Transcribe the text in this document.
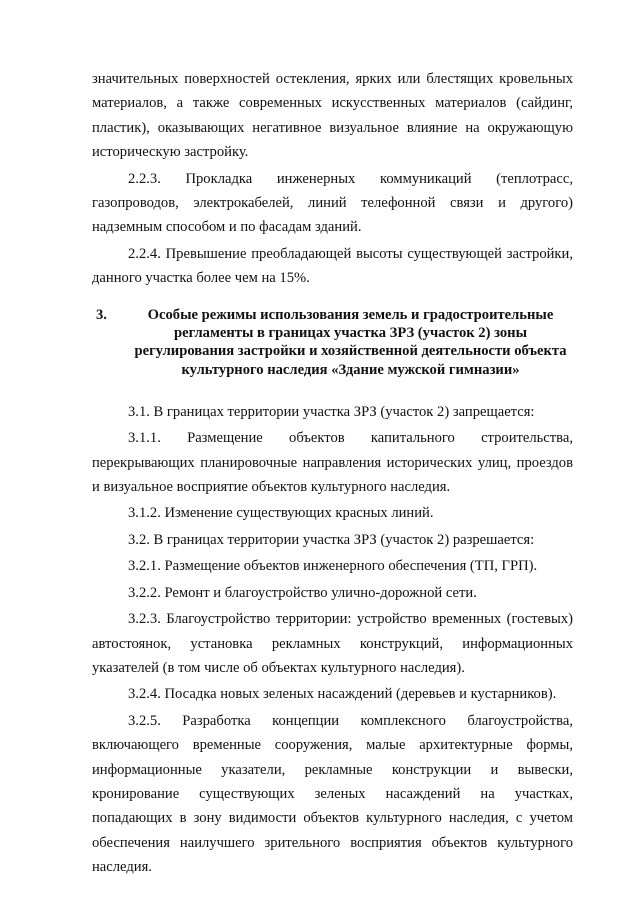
значительных поверхностей остекления, ярких или блестящих кровельных материалов, а также современных искусственных материалов (сайдинг, пластик), оказывающих негативное визуальное влияние на окружающую историческую застройку.

2.2.3. Прокладка инженерных коммуникаций (теплотрасс, газопроводов, электрокабелей, линий телефонной связи и другого) надземным способом и по фасадам зданий.

2.2.4. Превышение преобладающей высоты существующей застройки, данного участка более чем на 15%.

3.	Особые режимы использования земель и градостроительные регламенты в границах участка ЗРЗ (участок 2) зоны регулирования застройки и хозяйственной деятельности объекта культурного наследия «Здание мужской гимназии»

3.1. В границах территории участка ЗРЗ (участок 2) запрещается:

3.1.1. Размещение объектов капитального строительства, перекрывающих планировочные направления исторических улиц, проездов и визуальное восприятие объектов культурного наследия.

3.1.2. Изменение существующих красных линий.

3.2. В границах территории участка ЗРЗ (участок 2) разрешается:

3.2.1. Размещение объектов инженерного обеспечения (ТП, ГРП).

3.2.2. Ремонт и благоустройство улично-дорожной сети.

3.2.3. Благоустройство территории: устройство временных (гостевых) автостоянок, установка рекламных конструкций, информационных указателей (в том числе об объектах культурного наследия).

3.2.4. Посадка новых зеленых насаждений (деревьев и кустарников).

3.2.5. Разработка концепции комплексного благоустройства, включающего временные сооружения, малые архитектурные формы, информационные указатели, рекламные конструкции и вывески, кронирование существующих зеленых насаждений на участках, попадающих в зону видимости объектов культурного наследия, с учетом обеспечения наилучшего зрительного восприятия объектов культурного наследия.
